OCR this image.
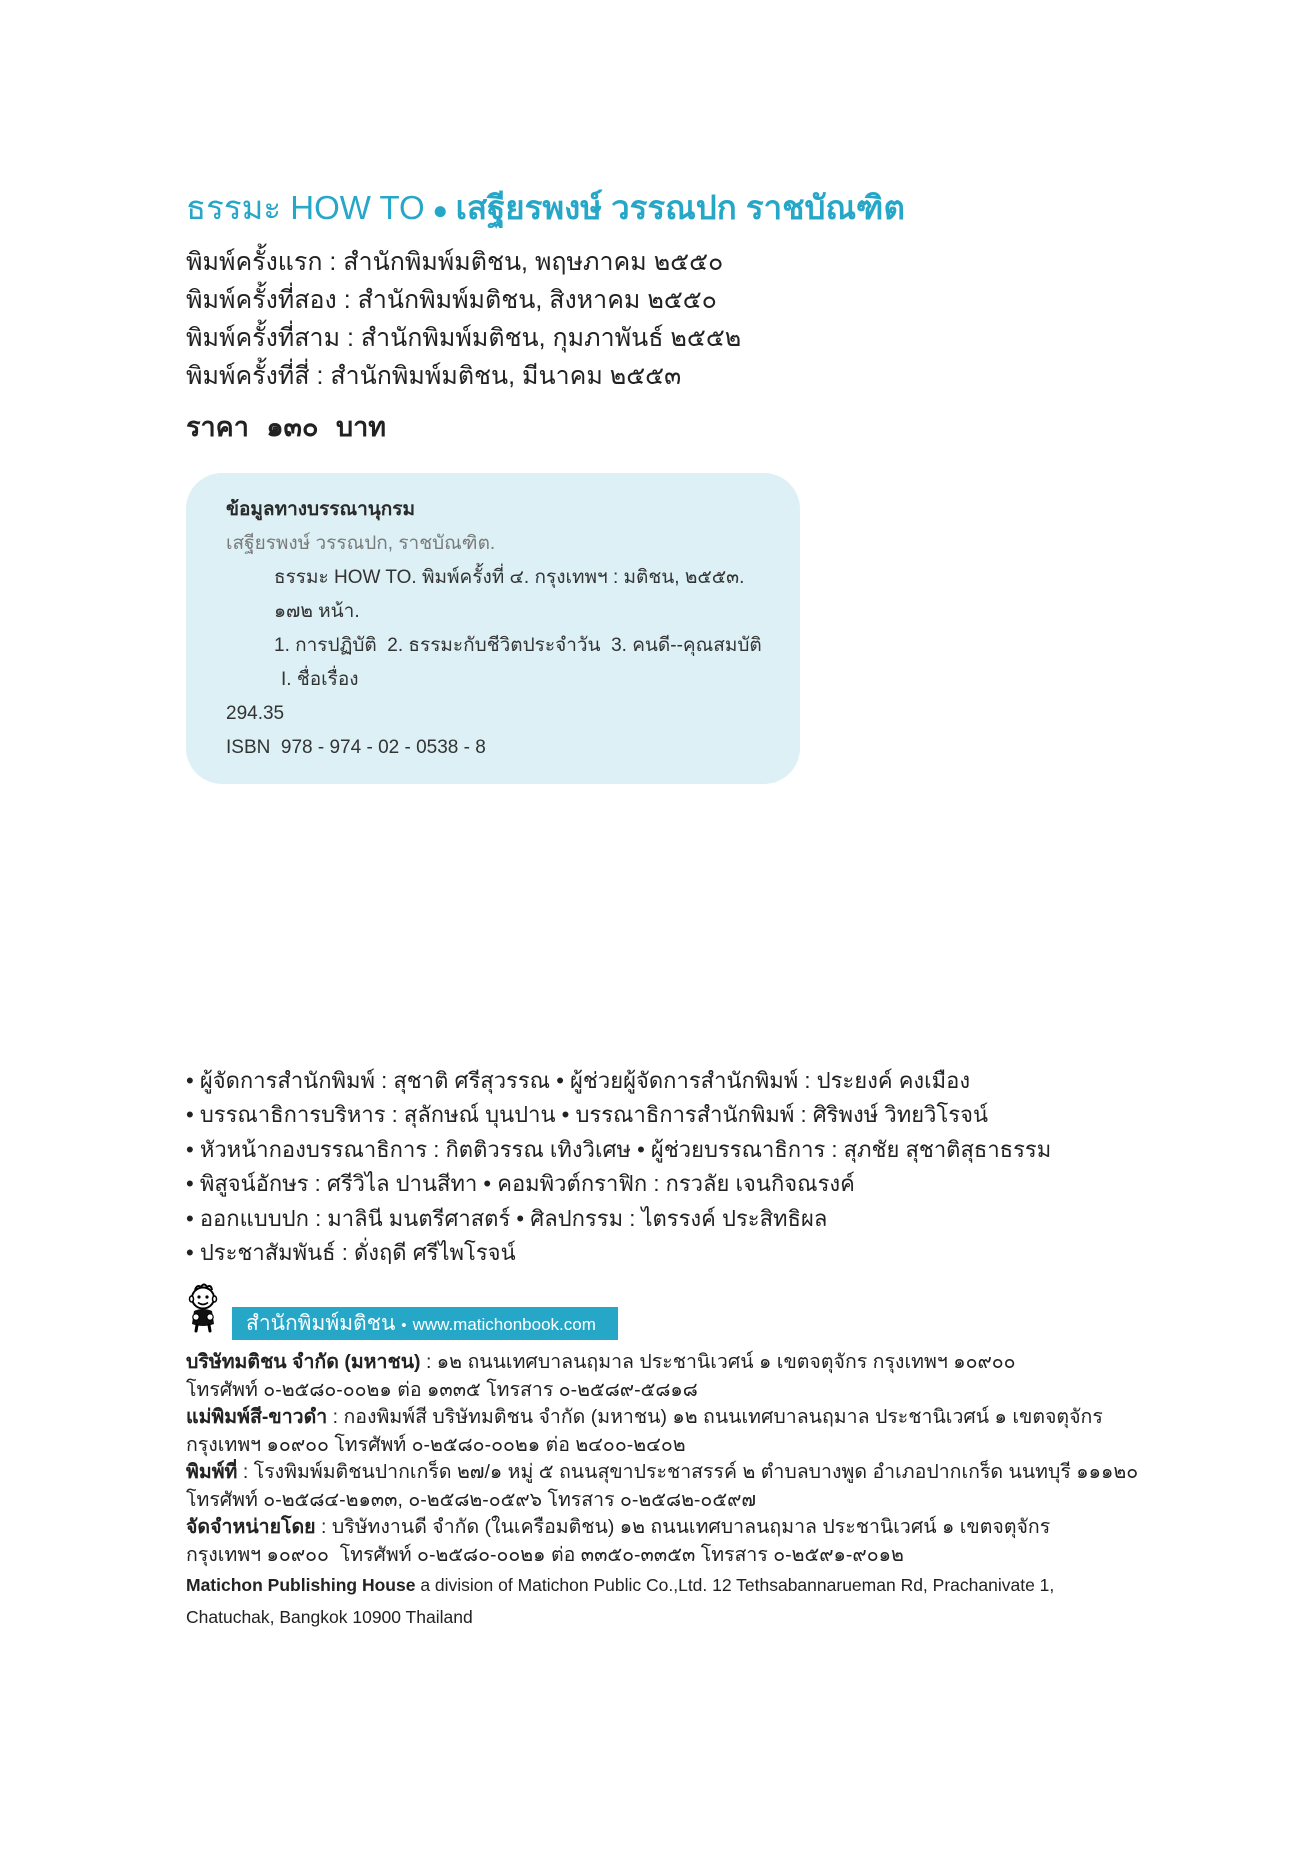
ธรรมะ HOW TO ● เสฐียรพงษ์ วรรณปก ราชบัณฑิต
พิมพ์ครั้งแรก : สำนักพิมพ์มติชน, พฤษภาคม ๒๕๕๐
พิมพ์ครั้งที่สอง : สำนักพิมพ์มติชน, สิงหาคม ๒๕๕๐
พิมพ์ครั้งที่สาม : สำนักพิมพ์มติชน, กุมภาพันธ์ ๒๕๕๒
พิมพ์ครั้งที่สี่ : สำนักพิมพ์มติชน, มีนาคม ๒๕๕๓
ราคา ๑๓๐ บาท
ข้อมูลทางบรรณานุกรม
เสฐียรพงษ์ วรรณปก, ราชบัณฑิต.
ธรรมะ HOW TO. พิมพ์ครั้งที่ ๔. กรุงเทพฯ : มติชน, ๒๕๕๓.
๑๗๒ หน้า.
1. การปฏิบัติ  2. ธรรมะกับชีวิตประจำวัน  3. คนดี--คุณสมบัติ
I. ชื่อเรื่อง
294.35
ISBN  978 - 974 - 02 - 0538 - 8
• ผู้จัดการสำนักพิมพ์ : สุชาติ ศรีสุวรรณ • ผู้ช่วยผู้จัดการสำนักพิมพ์ : ประยงค์ คงเมือง
• บรรณาธิการบริหาร : สุลักษณ์ บุนปาน • บรรณาธิการสำนักพิมพ์ : ศิริพงษ์ วิทยวิโรจน์
• หัวหน้ากองบรรณาธิการ : กิตติวรรณ เทิงวิเศษ • ผู้ช่วยบรรณาธิการ : สุภชัย สุชาติสุธาธรรม
• พิสูจน์อักษร : ศรีวิไล ปานสีทา • คอมพิวต์กราฟิก : กรวลัย เจนกิจณรงค์
• ออกแบบปก : มาลินี มนตรีศาสตร์ • ศิลปกรรม : ไตรรงค์ ประสิทธิผล
• ประชาสัมพันธ์ : ดั่งฤดี ศรีไพโรจน์
สำนักพิมพ์มติชน • www.matichonbook.com
บริษัทมติชน จำกัด (มหาชน) : ๑๒ ถนนเทศบาลนฤมาล ประชานิเวศน์ ๑ เขตจตุจักร กรุงเทพฯ ๑๐๙๐๐
โทรศัพท์ ๐-๒๕๘๐-๐๐๒๑ ต่อ ๑๓๓๕ โทรสาร ๐-๒๕๘๙-๕๘๑๘
แม่พิมพ์สี-ขาวดำ : กองพิมพ์สี บริษัทมติชน จำกัด (มหาชน) ๑๒ ถนนเทศบาลนฤมาล ประชานิเวศน์ ๑ เขตจตุจักร
กรุงเทพฯ ๑๐๙๐๐ โทรศัพท์ ๐-๒๕๘๐-๐๐๒๑ ต่อ ๒๔๐๐-๒๔๐๒
พิมพ์ที่ : โรงพิมพ์มติชนปากเกร็ด ๒๗/๑ หมู่ ๕ ถนนสุขาประชาสรรค์ ๒ ตำบลบางพูด อำเภอปากเกร็ด นนทบุรี ๑๑๑๒๐
โทรศัพท์ ๐-๒๕๘๔-๒๑๓๓, ๐-๒๕๘๒-๐๕๙๖ โทรสาร ๐-๒๕๘๒-๐๕๙๗
จัดจำหน่ายโดย : บริษัทงานดี จำกัด (ในเครือมติชน) ๑๒ ถนนเทศบาลนฤมาล ประชานิเวศน์ ๑ เขตจตุจักร
กรุงเทพฯ ๑๐๙๐๐  โทรศัพท์ ๐-๒๕๘๐-๐๐๒๑ ต่อ ๓๓๕๐-๓๓๕๓ โทรสาร ๐-๒๕๙๑-๙๐๑๒
Matichon Publishing House a division of Matichon Public Co.,Ltd. 12 Tethsabannarueman Rd, Prachanivate 1,
Chatuchak, Bangkok 10900 Thailand
